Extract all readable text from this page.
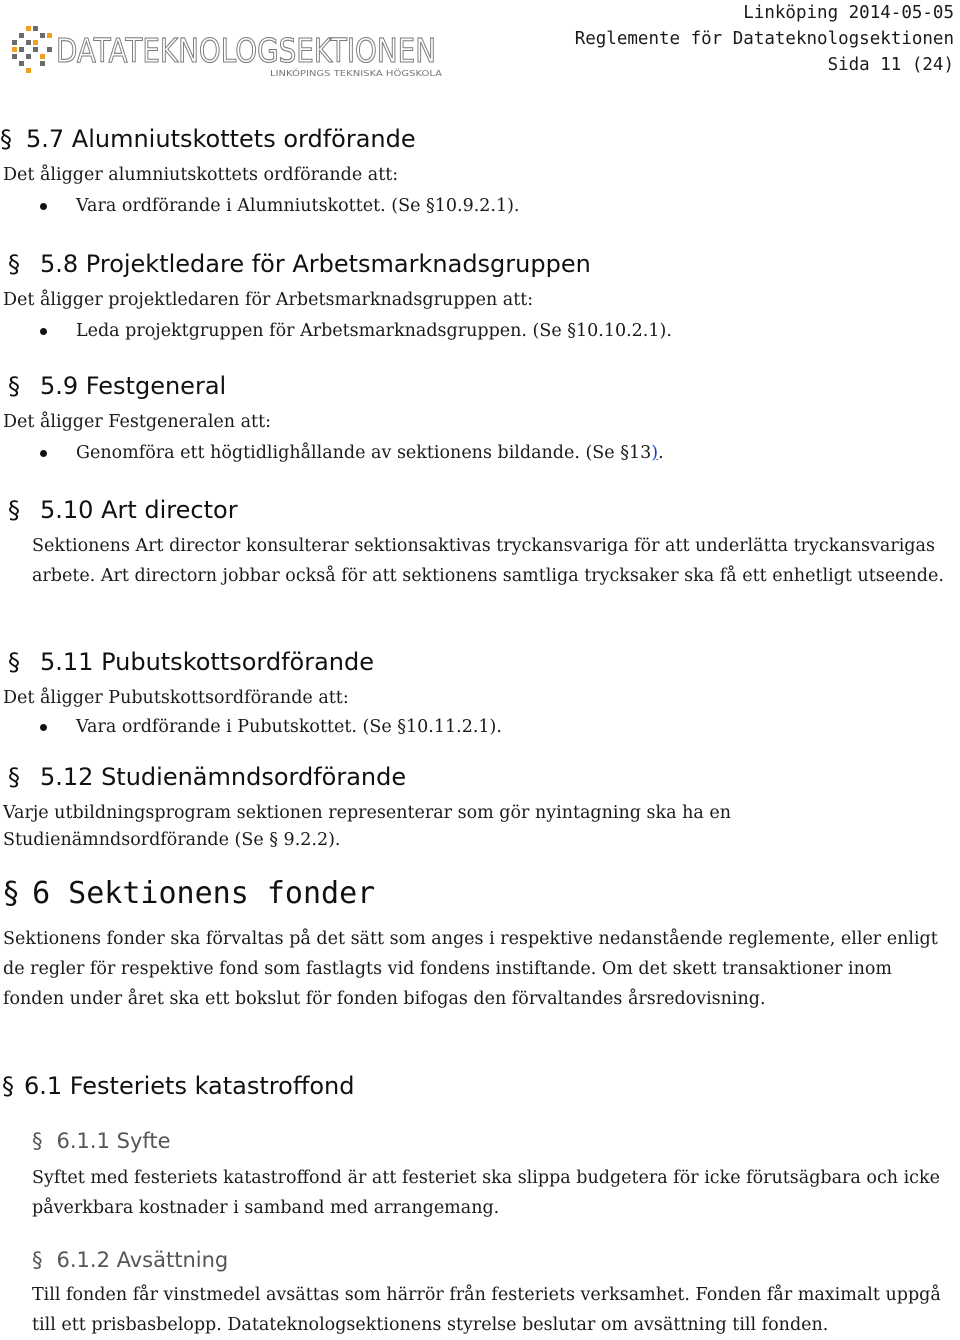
DATATEKNOLOGSEKTIONEN
LINKÖPINGS TEKNISKA HÖGSKOLA
Linköping 2014-05-05
Reglemente för Datateknologsektionen
Sida 11 (24)
§ 5.7 Alumniutskottets ordförande
Det åligger alumniutskottets ordförande att:
Vara ordförande i Alumniutskottet. (Se §10.9.2.1).
§ 5.8 Projektledare för Arbetsmarknadsgruppen
Det åligger projektledaren för Arbetsmarknadsgruppen att:
Leda projektgruppen för Arbetsmarknadsgruppen. (Se §10.10.2.1).
§ 5.9 Festgeneral
Det åligger Festgeneralen att:
Genomföra ett högtidlighållande av sektionens bildande. (Se §13).
§ 5.10 Art director
Sektionens Art director konsulterar sektionsaktivas tryckansvariga för att underlätta tryckansvarigas arbete. Art directorn jobbar också för att sektionens samtliga trycksaker ska få ett enhetligt utseende.
§ 5.11 Pubutskottsordförande
Det åligger Pubutskottsordförande att:
Vara ordförande i Pubutskottet. (Se §10.11.2.1).
§ 5.12 Studienämndsordförande
Varje utbildningsprogram sektionen representerar som gör nyintagning ska ha en Studienämndsordförande (Se § 9.2.2).
§ 6 Sektionens fonder
Sektionens fonder ska förvaltas på det sätt som anges i respektive nedanstående reglemente, eller enligt de regler för respektive fond som fastlagts vid fondens instiftande. Om det skett transaktioner inom fonden under året ska ett bokslut för fonden bifogas den förvaltandes årsredovisning.
§ 6.1 Festeriets katastroffond
§ 6.1.1 Syfte
Syftet med festeriets katastroffond är att festeriet ska slippa budgetera för icke förutsägbara och icke påverkbara kostnader i samband med arrangemang.
§ 6.1.2 Avsättning
Till fonden får vinstmedel avsättas som härrör från festeriets verksamhet. Fonden får maximalt uppgå till ett prisbasbelopp. Datateknologsektionens styrelse beslutar om avsättning till fonden.
